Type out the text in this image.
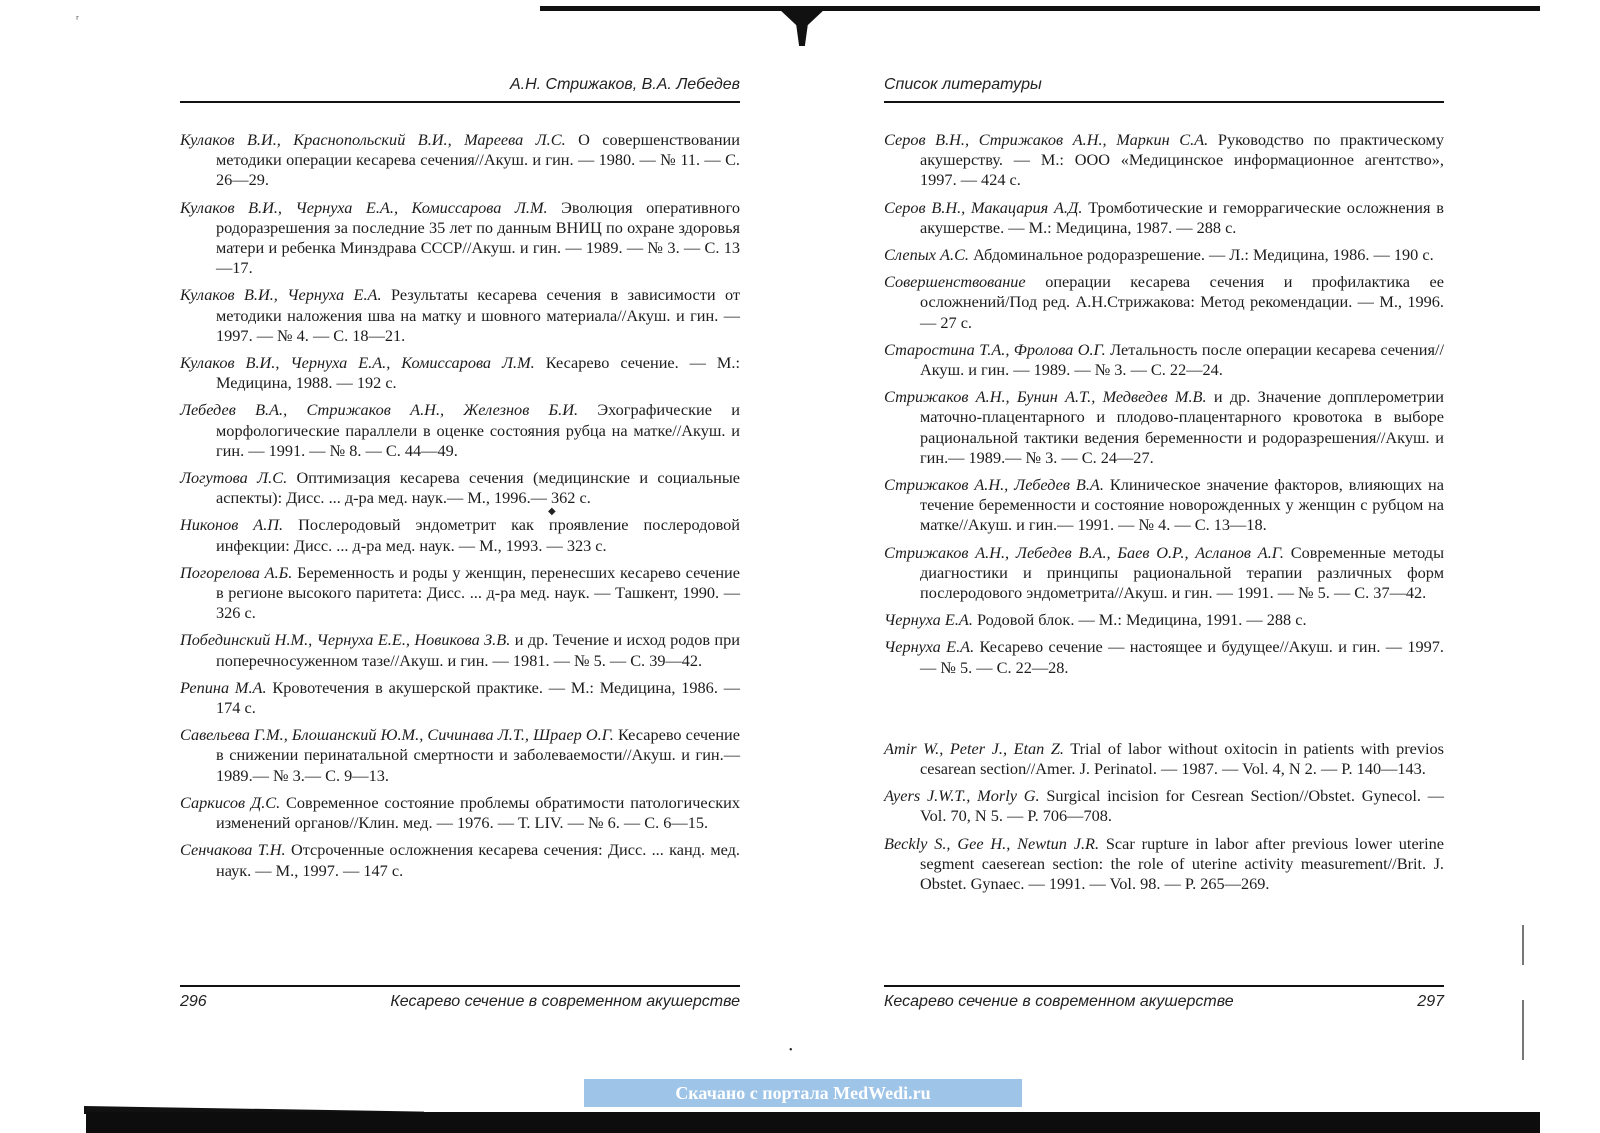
ʳ
А.Н. Стрижаков, В.А. Лебедев

Кулаков В.И., Краснопольский В.И., Мареева Л.С. О совершенствовании методики операции кесарева сечения//Акуш. и гин. — 1980. — № 11. — С. 26—29.

Кулаков В.И., Чернуха Е.А., Комиссарова Л.М. Эволюция оперативного родоразрешения за последние 35 лет по данным ВНИЦ по охране здоровья матери и ребенка Минздрава СССР//Акуш. и гин. — 1989. — № 3. — С. 13—17.

Кулаков В.И., Чернуха Е.А. Результаты кесарева сечения в зависимости от методики наложения шва на матку и шовного материала//Акуш. и гин. — 1997. — № 4. — С. 18—21.

Кулаков В.И., Чернуха Е.А., Комиссарова Л.М. Кесарево сечение. — М.: Медицина, 1988. — 192 с.

Лебедев В.А., Стрижаков А.Н., Железнов Б.И. Эхографические и морфологические параллели в оценке состояния рубца на матке//Акуш. и гин. — 1991. — № 8. — С. 44—49.

Логутова Л.С. Оптимизация кесарева сечения (медицинские и социальные аспекты): Дисс. ... д-ра мед. наук.— М., 1996.— 362 с.

Никонов А.П. Послеродовый эндометрит как проявление послеродовой инфекции: Дисс. ... д-ра мед. наук. — М., 1993. — 323 с.

Погорелова А.Б. Беременность и роды у женщин, перенесших кесарево сечение в регионе высокого паритета: Дисс. ... д-ра мед. наук. — Ташкент, 1990. — 326 с.

Побединский Н.М., Чернуха Е.Е., Новикова З.В. и др. Течение и исход родов при поперечносуженном тазе//Акуш. и гин. — 1981. — № 5. — С. 39—42.

Репина М.А. Кровотечения в акушерской практике. — М.: Медицина, 1986. — 174 с.

Савельева Г.М., Блошанский Ю.М., Сичинава Л.Т., Шраер О.Г. Кесарево сечение в снижении перинатальной смертности и заболеваемости//Акуш. и гин.— 1989.— № 3.— С. 9—13.

Саркисов Д.С. Современное состояние проблемы обратимости патологических изменений органов//Клин. мед. — 1976. — Т. LIV. — № 6. — С. 6—15.

Сенчакова Т.Н. Отсроченные осложнения кесарева сечения: Дисс. ... канд. мед. наук. — М., 1997. — 147 с.

296	Кесарево сечение в современном акушерстве
Список литературы

Серов В.Н., Стрижаков А.Н., Маркин С.А. Руководство по практическому акушерству. — М.: ООО «Медицинское информационное агентство», 1997. — 424 с.

Серов В.Н., Макацария А.Д. Тромботические и геморрагические осложнения в акушерстве. — М.: Медицина, 1987. — 288 с.

Слепых А.С. Абдоминальное родоразрешение. — Л.: Медицина, 1986. — 190 с.

Совершенствование операции кесарева сечения и профилактика ее осложнений/Под ред. А.Н.Стрижакова: Метод рекомендации. — М., 1996. — 27 с.

Старостина Т.А., Фролова О.Г. Летальность после операции кесарева сечения//Акуш. и гин. — 1989. — № 3. — С. 22—24.

Стрижаков А.Н., Бунин А.Т., Медведев М.В. и др. Значение допплерометрии маточно-плацентарного и плодово-плацентарного кровотока в выборе рациональной тактики ведения беременности и родоразрешения//Акуш. и гин.— 1989.— № 3. — С. 24—27.

Стрижаков А.Н., Лебедев В.А. Клиническое значение факторов, влияющих на течение беременности и состояние новорожденных у женщин с рубцом на матке//Акуш. и гин.— 1991. — № 4. — С. 13—18.

Стрижаков А.Н., Лебедев В.А., Баев О.Р., Асланов А.Г. Современные методы диагностики и принципы рациональной терапии различных форм послеродового эндометрита//Акуш. и гин. — 1991. — № 5. — С. 37—42.

Чернуха Е.А. Родовой блок. — М.: Медицина, 1991. — 288 с.

Чернуха Е.А. Кесарево сечение — настоящее и будущее//Акуш. и гин. — 1997. — № 5. — С. 22—28.

Amir W., Peter J., Etan Z. Trial of labor without oxitocin in patients with previos cesarean section//Amer. J. Perinatol. — 1987. — Vol. 4, N 2. — P. 140—143.

Ayers J.W.T., Morly G. Surgical incision for Cesrean Section//Obstet. Gynecol. — Vol. 70, N 5. — P. 706—708.

Beckly S., Gee H., Newtun J.R. Scar rupture in labor after previous lower uterine segment caeserean section: the role of uterine activity measurement//Brit. J. Obstet. Gynaec. — 1991. — Vol. 98. — P. 265—269.

Кесарево сечение в современном акушерстве	297
◆
•
Скачано с портала MedWedi.ru
